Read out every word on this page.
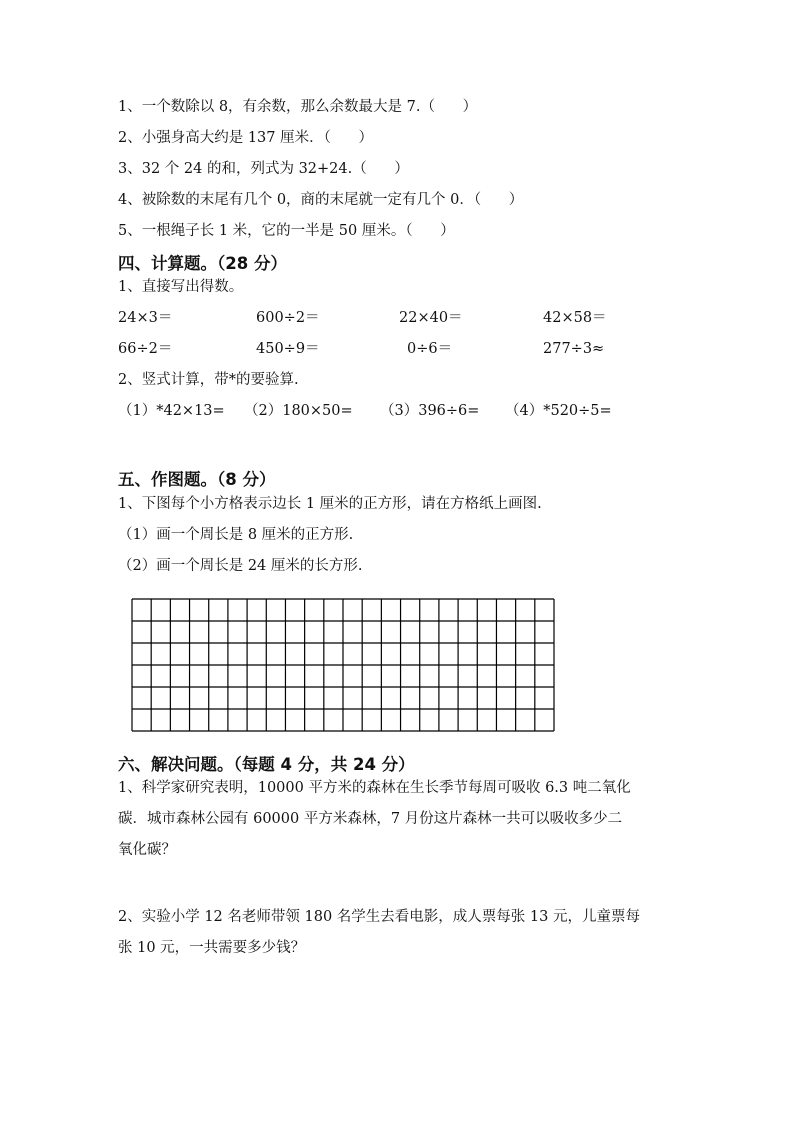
1、一个数除以 8，有余数，那么余数最大是 7.（      ）
2、小强身高大约是 137 厘米．（      ）
3、32 个 24 的和，列式为 32+24.（      ）
4、被除数的末尾有几个 0，商的末尾就一定有几个 0．（      ）
5、一根绳子长 1 米，它的一半是 50 厘米。（      ）
四、计算题。（28 分）
1、直接写出得数。
24×3＝	600÷2＝	22×40＝	42×58＝
66÷2＝	450÷9＝	0÷6＝	277÷3≈
2、竖式计算，带*的要验算.
（1）*42×13= （2）180×50= （3）396÷6= （4）*520÷5=
五、作图题。（8 分）
1、下图每个小方格表示边长 1 厘米的正方形，请在方格纸上画图.
（1）画一个周长是 8 厘米的正方形.
（2）画一个周长是 24 厘米的长方形.
六、解决问题。（每题 4 分，共 24 分）
1、科学家研究表明，10000 平方米的森林在生长季节每周可吸收 6.3 吨二氧化
碳．城市森林公园有 60000 平方米森林，7 月份这片森林一共可以吸收多少二
氧化碳？
2、实验小学 12 名老师带领 180 名学生去看电影，成人票每张 13 元，儿童票每
张 10 元，一共需要多少钱？
